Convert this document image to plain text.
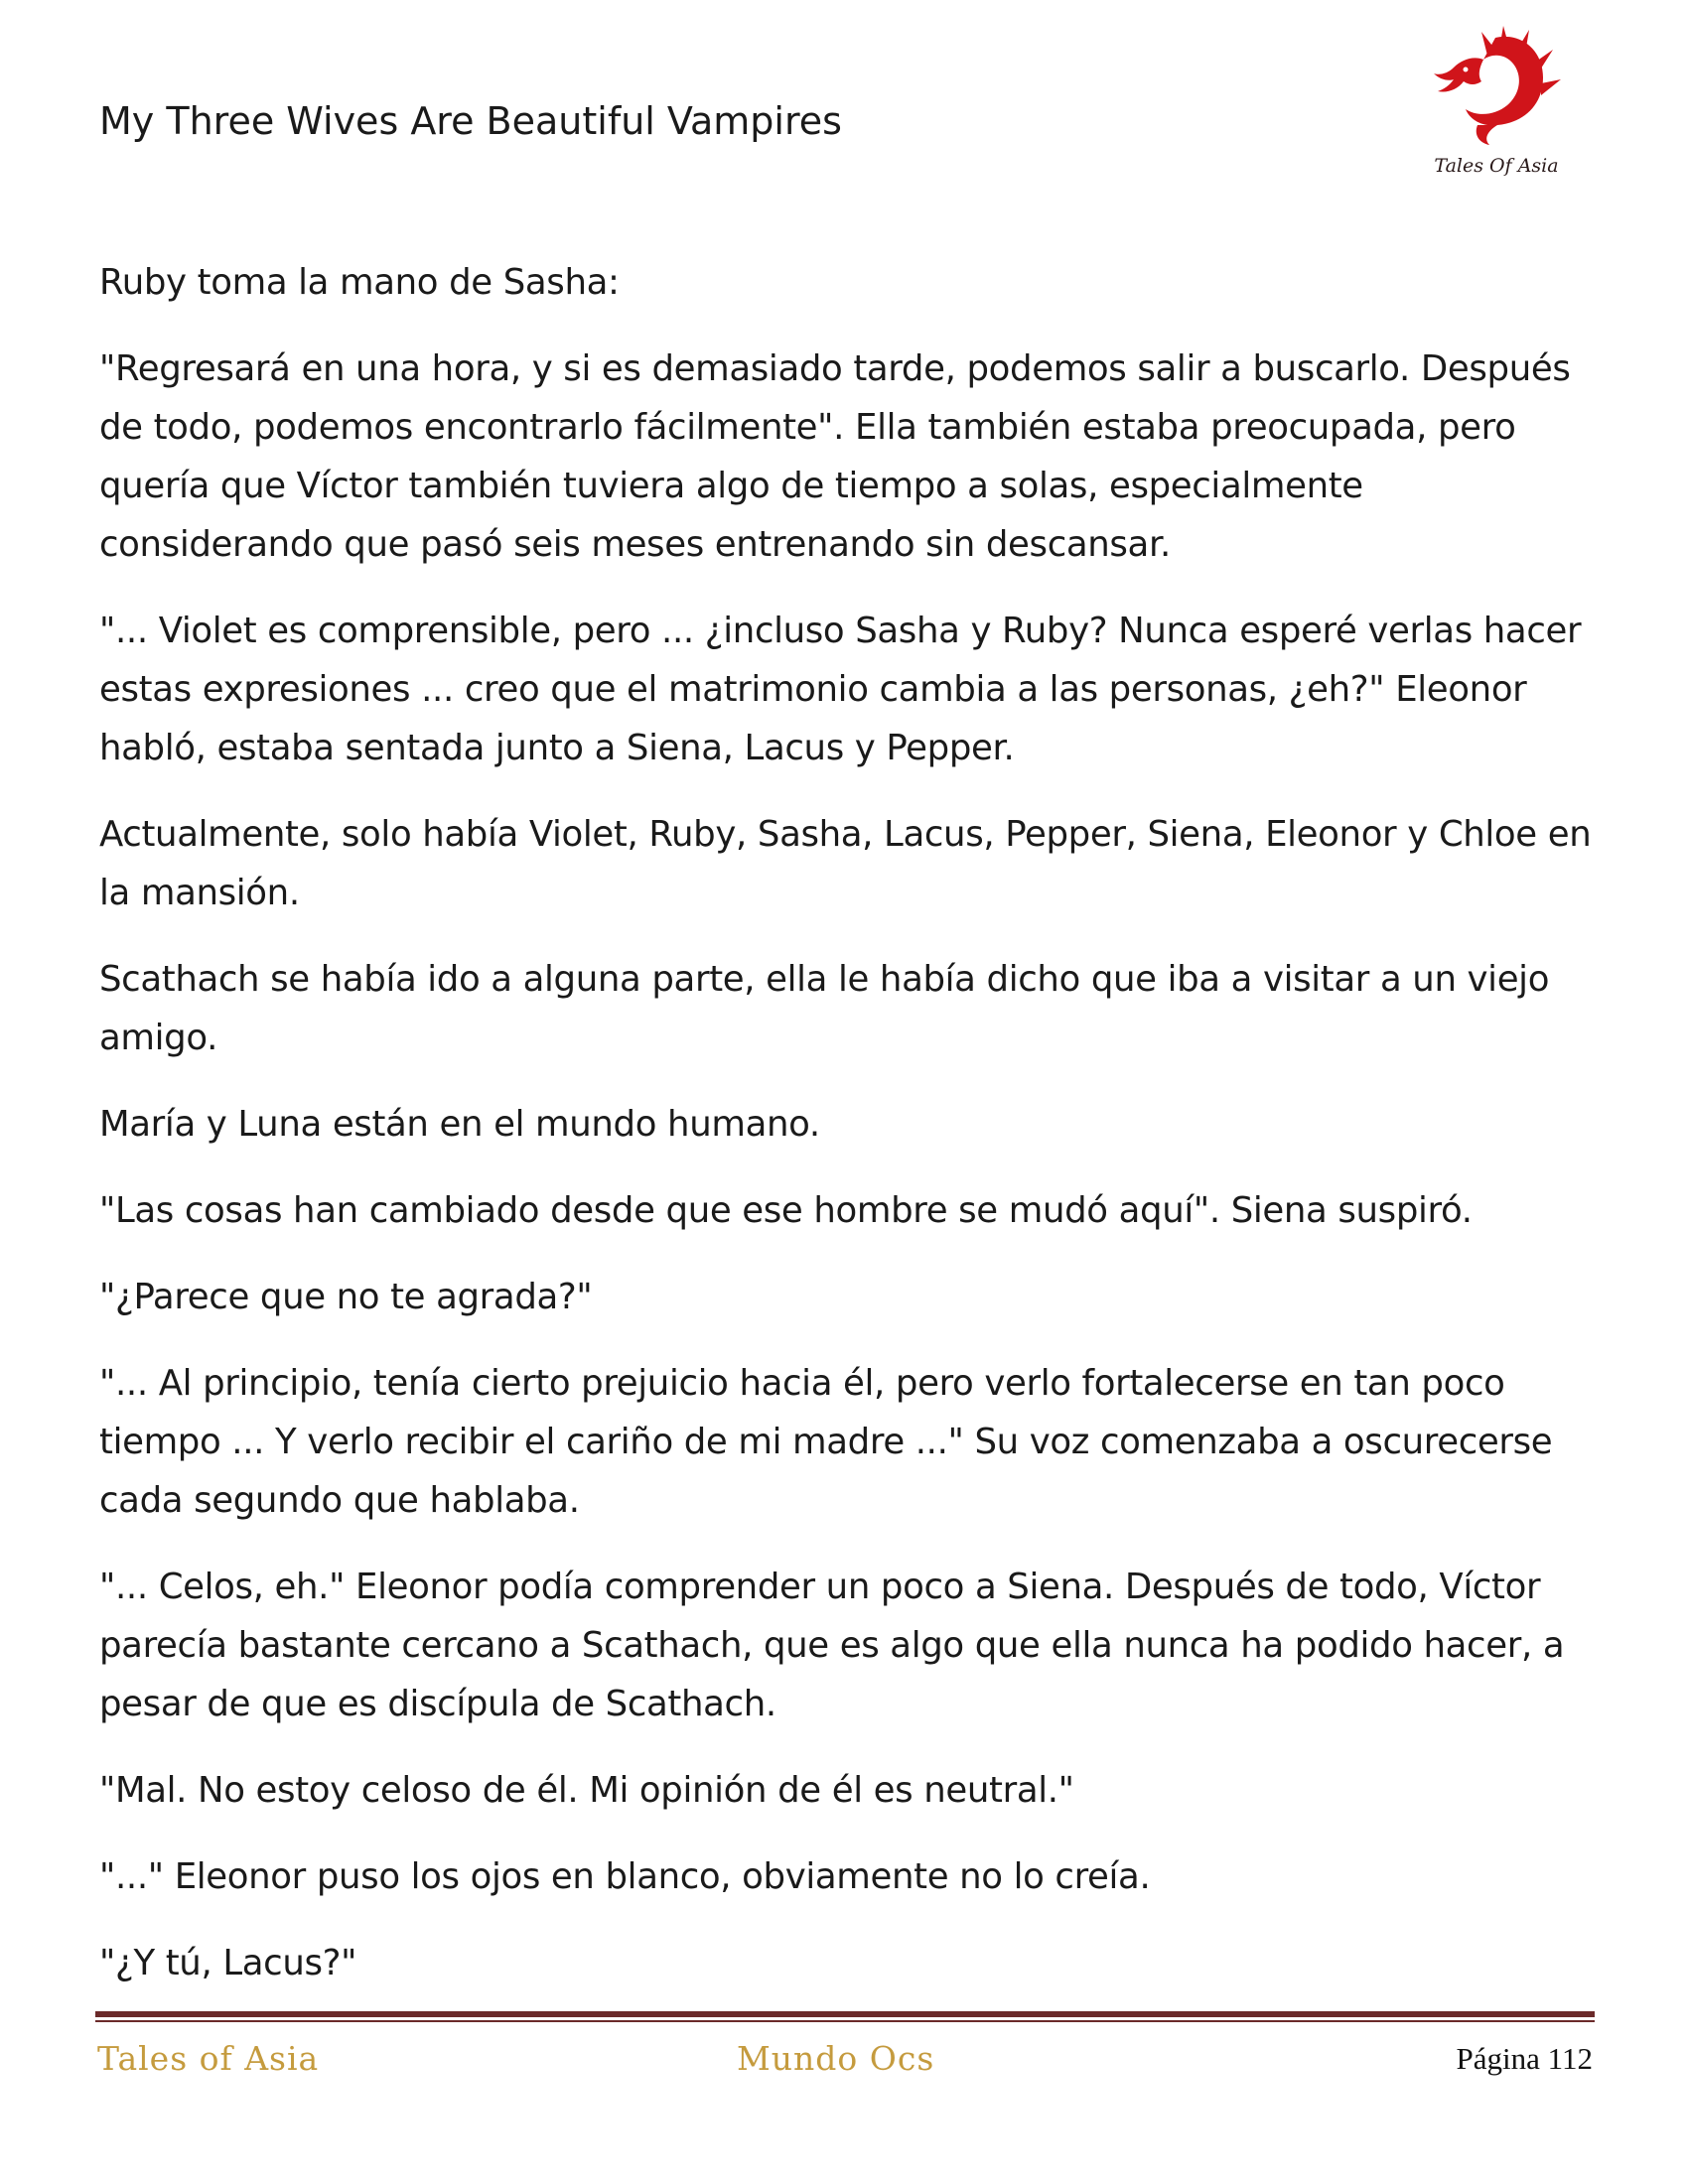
My Three Wives Are Beautiful Vampires
Tales Of Asia

Ruby toma la mano de Sasha:

"Regresará en una hora, y si es demasiado tarde, podemos salir a buscarlo. Después de todo, podemos encontrarlo fácilmente". Ella también estaba preocupada, pero quería que Víctor también tuviera algo de tiempo a solas, especialmente considerando que pasó seis meses entrenando sin descansar.

"... Violet es comprensible, pero ... ¿incluso Sasha y Ruby? Nunca esperé verlas hacer estas expresiones ... creo que el matrimonio cambia a las personas, ¿eh?" Eleonor habló, estaba sentada junto a Siena, Lacus y Pepper.

Actualmente, solo había Violet, Ruby, Sasha, Lacus, Pepper, Siena, Eleonor y Chloe en la mansión.

Scathach se había ido a alguna parte, ella le había dicho que iba a visitar a un viejo amigo.

María y Luna están en el mundo humano.

"Las cosas han cambiado desde que ese hombre se mudó aquí". Siena suspiró.

"¿Parece que no te agrada?"

"... Al principio, tenía cierto prejuicio hacia él, pero verlo fortalecerse en tan poco tiempo ... Y verlo recibir el cariño de mi madre ..." Su voz comenzaba a oscurecerse cada segundo que hablaba.

"... Celos, eh." Eleonor podía comprender un poco a Siena. Después de todo, Víctor parecía bastante cercano a Scathach, que es algo que ella nunca ha podido hacer, a pesar de que es discípula de Scathach.

"Mal. No estoy celoso de él. Mi opinión de él es neutral."

"..." Eleonor puso los ojos en blanco, obviamente no lo creía.

"¿Y tú, Lacus?"

Tales of Asia	Mundo Ocs	Página 112
